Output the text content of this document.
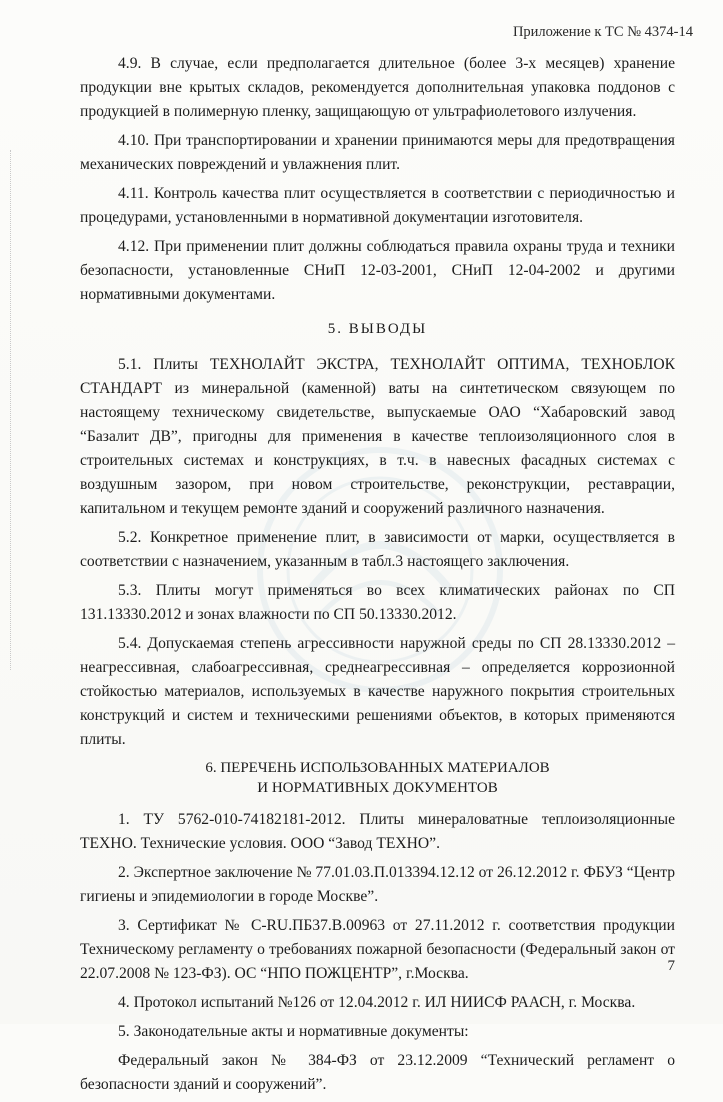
Приложение к ТС № 4374-14

4.9. В случае, если предполагается длительное (более 3-х месяцев) хранение продукции вне крытых складов, рекомендуется дополнительная упаковка поддонов с продукцией в полимерную пленку, защищающую от ультрафиолетового излучения.

4.10. При транспортировании и хранении принимаются меры для предотвращения механических повреждений и увлажнения плит.

4.11. Контроль качества плит осуществляется в соответствии с периодичностью и процедурами, установленными в нормативной документации изготовителя.

4.12. При применении плит должны соблюдаться правила охраны труда и техники безопасности, установленные СНиП 12-03-2001, СНиП 12-04-2002 и другими нормативными документами.

5. ВЫВОДЫ

5.1. Плиты ТЕХНОЛАЙТ ЭКСТРА, ТЕХНОЛАЙТ ОПТИМА, ТЕХНОБЛОК СТАНДАРТ из минеральной (каменной) ваты на синтетическом связующем по настоящему техническому свидетельстве, выпускаемые ОАО “Хабаровский завод “Базалит ДВ”, пригодны для применения в качестве теплоизоляционного слоя в строительных системах и конструкциях, в т.ч. в навесных фасадных системах с воздушным зазором, при новом строительстве, реконструкции, реставрации, капитальном и текущем ремонте зданий и сооружений различного назначения.

5.2. Конкретное применение плит, в зависимости от марки, осуществляется в соответствии с назначением, указанным в табл.3 настоящего заключения.

5.3. Плиты могут применяться во всех климатических районах по СП 131.13330.2012 и зонах влажности по СП 50.13330.2012.

5.4. Допускаемая степень агрессивности наружной среды по СП 28.13330.2012 – неагрессивная, слабоагрессивная, среднеагрессивная – определяется коррозионной стойкостью материалов, используемых в качестве наружного покрытия строительных конструкций и систем и техническими решениями объектов, в которых применяются плиты.

6. ПЕРЕЧЕНЬ ИСПОЛЬЗОВАННЫХ МАТЕРИАЛОВ
И НОРМАТИВНЫХ ДОКУМЕНТОВ

1. ТУ 5762-010-74182181-2012. Плиты минераловатные теплоизоляционные ТЕХНО. Технические условия. ООО “Завод ТЕХНО”.

2. Экспертное заключение № 77.01.03.П.013394.12.12 от 26.12.2012 г. ФБУЗ “Центр гигиены и эпидемиологии в городе Москве”.

3. Сертификат № С-RU.ПБ37.В.00963 от 27.11.2012 г. соответствия продукции Техническому регламенту о требованиях пожарной безопасности (Федеральный закон от 22.07.2008 № 123-ФЗ). ОС “НПО ПОЖЦЕНТР”, г.Москва.

4. Протокол испытаний №126 от 12.04.2012 г. ИЛ НИИСФ РААСН, г. Москва.

5. Законодательные акты и нормативные документы:

Федеральный закон № 384-ФЗ от 23.12.2009 “Технический регламент о безопасности зданий и сооружений”.

7
